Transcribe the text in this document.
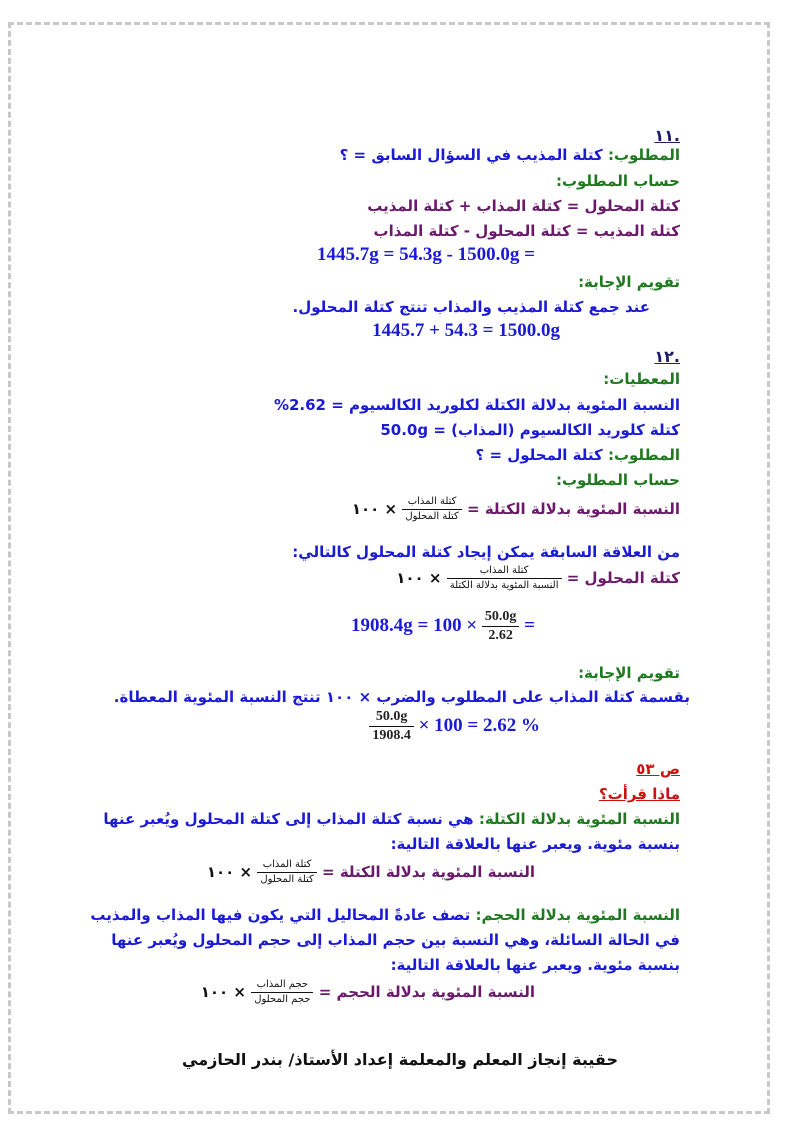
.١١
المطلوب: كتلة المذيب في السؤال السابق = ؟
حساب المطلوب:
كتلة المحلول = كتلة المذاب + كتلة المذيب
كتلة المذيب = كتلة المحلول - كتلة المذاب
1445.7g = 54.3g - 1500.0g =
تقويم الإجابة:
عند جمع كتلة المذيب والمذاب تنتج كتلة المحلول.
1445.7 + 54.3 = 1500.0g
.١٢
المعطيات:
النسبة المئوية بدلالة الكتلة لكلوريد الكالسيوم = 2.62%
كتلة كلوريد الكالسيوم (المذاب) = 50.0g
المطلوب: كتلة المحلول = ؟
حساب المطلوب:
النسبة المئوية بدلالة الكتلة =
$\frac{\text{كتلة المذاب}}{\text{كتلة المحلول}}$
× ١٠٠
من العلاقة السابقة يمكن إيجاد كتلة المحلول كالتالي:
كتلة المحلول =
$\frac{\text{كتلة المذاب}}{\text{النسبة المئوية بدلالة الكتلة}}$
× ١٠٠
$1908.4g = 100 \times \frac{50.0g}{2.62}$ =
تقويم الإجابة:
بقسمة كتلة المذاب على المطلوب والضرب × ١٠٠ تنتج النسبة المئوية المعطاة.
$\frac{50.0g}{1908.4} \times 100 = 2.62$ %
ص ٥٣
ماذا قرأت؟
النسبة المئوية بدلالة الكتلة: هي نسبة كتلة المذاب إلى كتلة المحلول ويُعبر عنها
بنسبة مئوية. ويعبر عنها بالعلاقة التالية:
النسبة المئوية بدلالة الكتلة =
$\frac{\text{كتلة المذاب}}{\text{كتلة المحلول}}$
× ١٠٠
النسبة المئوية بدلالة الحجم: تصف عادةً المحاليل التي يكون فيها المذاب والمذيب
في الحالة السائلة، وهي النسبة بين حجم المذاب إلى حجم المحلول ويُعبر عنها
بنسبة مئوية. ويعبر عنها بالعلاقة التالية:
النسبة المئوية بدلالة الحجم =
$\frac{\text{حجم المذاب}}{\text{حجم المحلول}}$
× ١٠٠
حقيبة إنجاز المعلم والمعلمة إعداد الأستاذ/ بندر الحازمي
